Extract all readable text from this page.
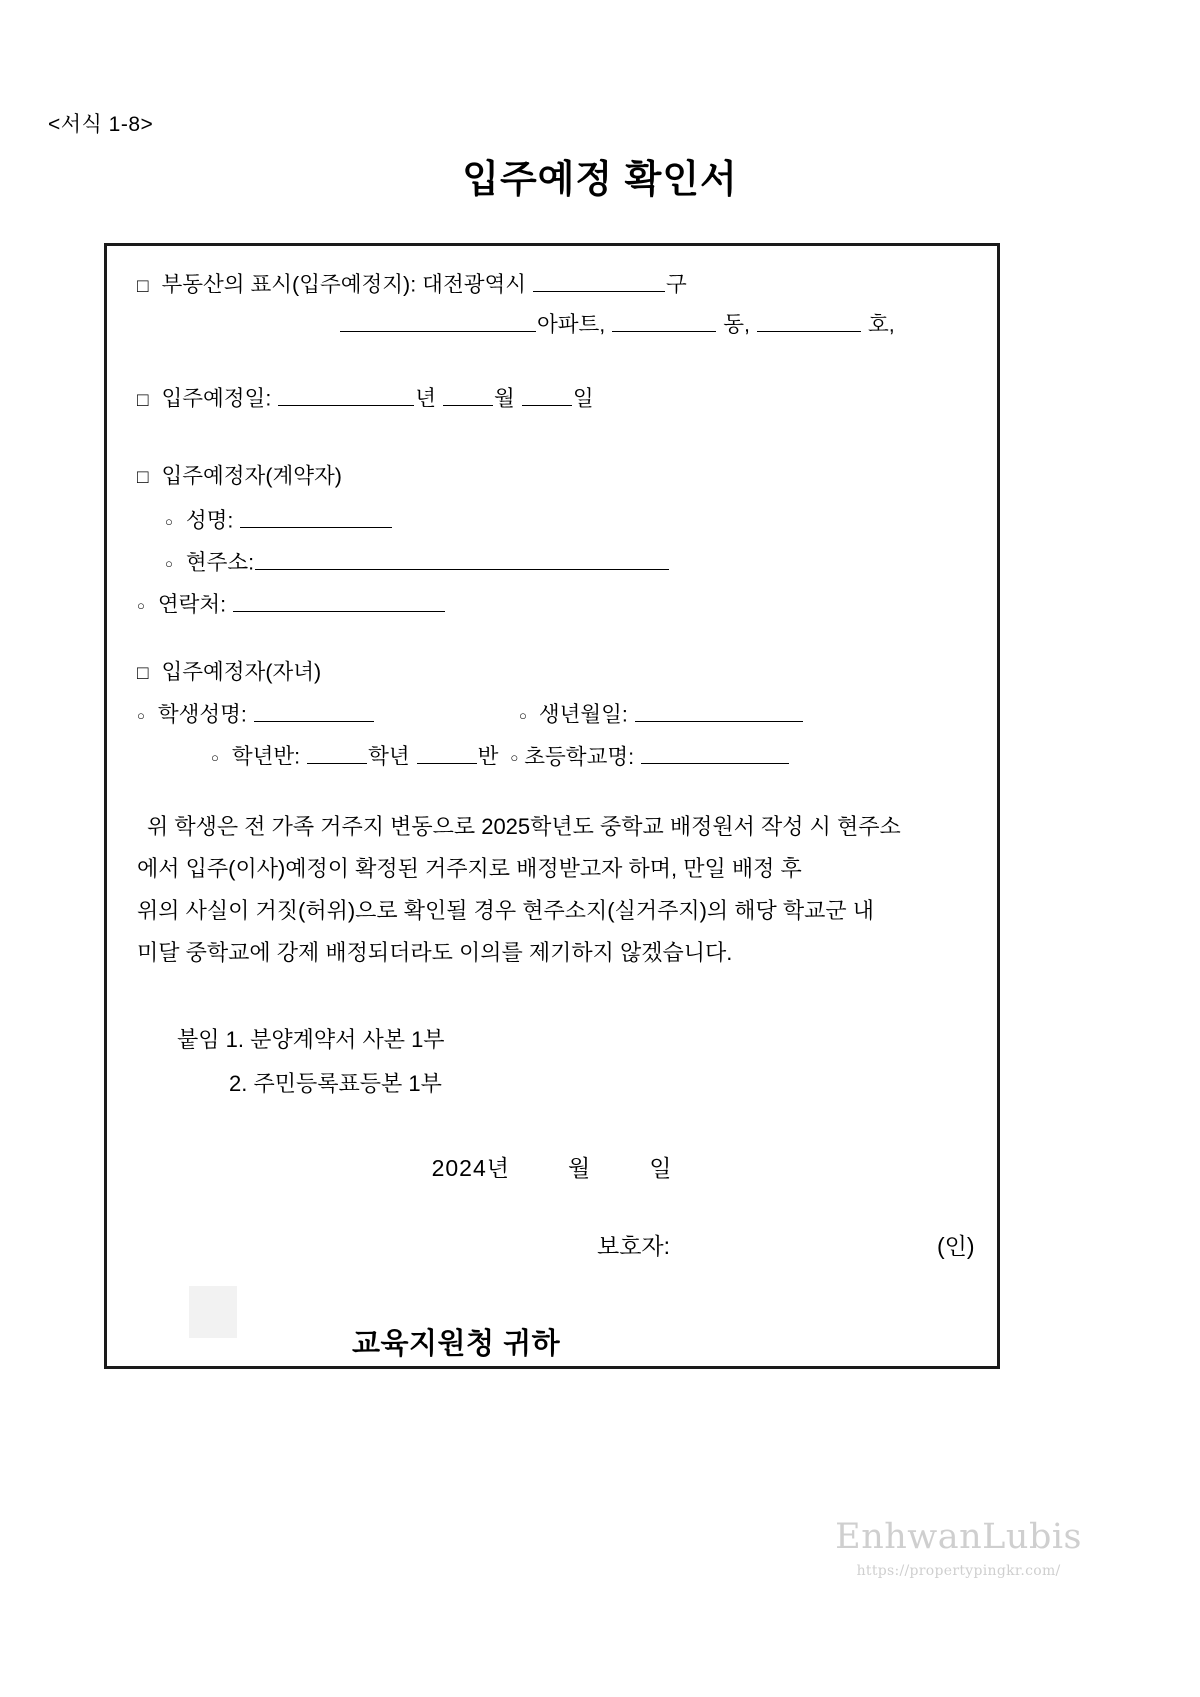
<서식 1-8>
입주예정 확인서
□ 부동산의 표시(입주예정지): 대전광역시	구
아파트,	동,	호,
□ 입주예정일:	년	월	일
□ 입주예정자(계약자)
○ 성명:
○ 현주소:
○ 연락처:
□ 입주예정자(자녀)
○ 학생성명:	○ 생년월일:
○ 학년반:	학년	반 ○ 초등학교명:
위 학생은 전 가족 거주지 변동으로 2025학년도 중학교 배정원서 작성 시 현주소
에서 입주(이사)예정이 확정된 거주지로 배정받고자 하며, 만일 배정 후
위의 사실이 거짓(허위)으로 확인될 경우 현주소지(실거주지)의 해당 학교군 내
미달 중학교에 강제 배정되더라도 이의를 제기하지 않겠습니다.
붙임 1. 분양계약서 사본 1부
2. 주민등록표등본 1부
2024년	월	일
보호자:	(인)
교육지원청 귀하
EnhwanLubis
https://propertypingkr.com/
